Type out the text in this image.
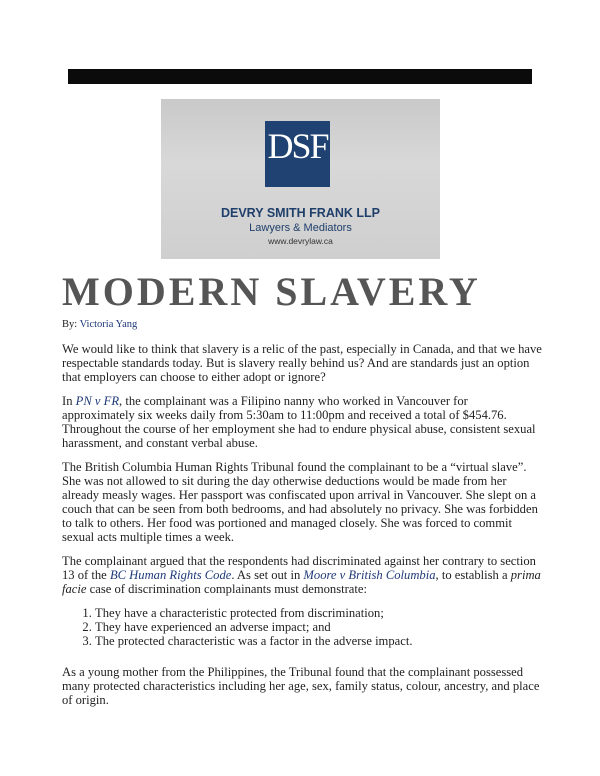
DSF
DEVRY SMITH FRANK LLP
Lawyers & Mediators
www.devrylaw.ca
MODERN SLAVERY
By: Victoria Yang

We would like to think that slavery is a relic of the past, especially in Canada, and that we have respectable standards today. But is slavery really behind us? And are standards just an option that employers can choose to either adopt or ignore?

In PN v FR, the complainant was a Filipino nanny who worked in Vancouver for approximately six weeks daily from 5:30am to 11:00pm and received a total of $454.76. Throughout the course of her employment she had to endure physical abuse, consistent sexual harassment, and constant verbal abuse.

The British Columbia Human Rights Tribunal found the complainant to be a “virtual slave”. She was not allowed to sit during the day otherwise deductions would be made from her already measly wages. Her passport was confiscated upon arrival in Vancouver. She slept on a couch that can be seen from both bedrooms, and had absolutely no privacy. She was forbidden to talk to others. Her food was portioned and managed closely. She was forced to commit sexual acts multiple times a week.

The complainant argued that the respondents had discriminated against her contrary to section 13 of the BC Human Rights Code. As set out in Moore v British Columbia, to establish a prima facie case of discrimination complainants must demonstrate:

1. They have a characteristic protected from discrimination;
2. They have experienced an adverse impact; and
3. The protected characteristic was a factor in the adverse impact.

As a young mother from the Philippines, the Tribunal found that the complainant possessed many protected characteristics including her age, sex, family status, colour, ancestry, and place of origin.
